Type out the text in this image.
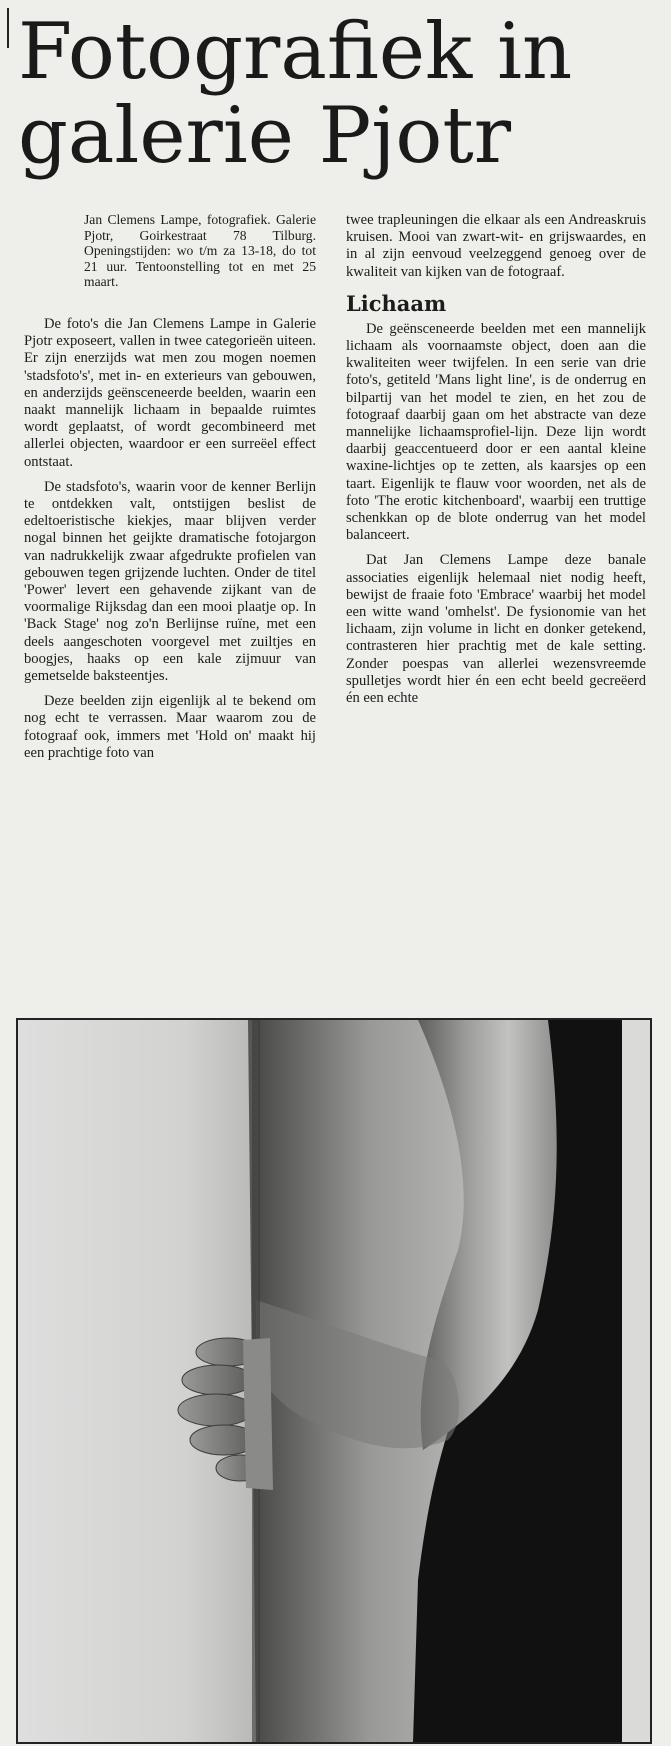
Fotografiek in galerie Pjotr

Jan Clemens Lampe, fotografiek. Galerie Pjotr, Goirkestraat 78 Tilburg. Openingstijden: wo t/m za 13-18, do tot 21 uur. Tentoonstelling tot en met 25 maart.

De foto's die Jan Clemens Lampe in Galerie Pjotr exposeert, vallen in twee categorieën uiteen. Er zijn enerzijds wat men zou mogen noemen 'stadsfoto's', met in- en exterieurs van gebouwen, en anderzijds geënsceneerde beelden, waarin een naakt mannelijk lichaam in bepaalde ruimtes wordt geplaatst, of wordt gecombineerd met allerlei objecten, waardoor er een surreëel effect ontstaat.

De stadsfoto's, waarin voor de kenner Berlijn te ontdekken valt, ontstijgen beslist de edeltoeristische kiekjes, maar blijven verder nogal binnen het geijkte dramatische fotojargon van nadrukkelijk zwaar afgedrukte profielen van gebouwen tegen grijzende luchten. Onder de titel 'Power' levert een gehavende zijkant van de voormalige Rijksdag dan een mooi plaatje op. In 'Back Stage' nog zo'n Berlijnse ruïne, met een deels aangeschoten voorgevel met zuiltjes en boogjes, haaks op een kale zijmuur van gemetselde baksteentjes.

Deze beelden zijn eigenlijk al te bekend om nog echt te verrassen. Maar waarom zou de fotograaf ook, immers met 'Hold on' maakt hij een prachtige foto van

twee trapleuningen die elkaar als een Andreaskruis kruisen. Mooi van zwart-wit- en grijswaardes, en in al zijn eenvoud veelzeggend genoeg over de kwaliteit van kijken van de fotograaf.

Lichaam

De geënsceneerde beelden met een mannelijk lichaam als voornaamste object, doen aan die kwaliteiten weer twijfelen. In een serie van drie foto's, getiteld 'Mans light line', is de onderrug en bilpartij van het model te zien, en het zou de fotograaf daarbij gaan om het abstracte van deze mannelijke lichaamsprofiel-lijn. Deze lijn wordt daarbij geaccentueerd door er een aantal kleine waxine-lichtjes op te zetten, als kaarsjes op een taart. Eigenlijk te flauw voor woorden, net als de foto 'The erotic kitchenboard', waarbij een truttige schenkkan op de blote onderrug van het model balanceert.

Dat Jan Clemens Lampe deze banale associaties eigenlijk helemaal niet nodig heeft, bewijst de fraaie foto 'Embrace' waarbij het model een witte wand 'omhelst'. De fysionomie van het lichaam, zijn volume in licht en donker getekend, contrasteren hier prachtig met de kale setting. Zonder poespas van allerlei wezensvreemde spulletjes wordt hier én een echt beeld gecreëerd én een echte
